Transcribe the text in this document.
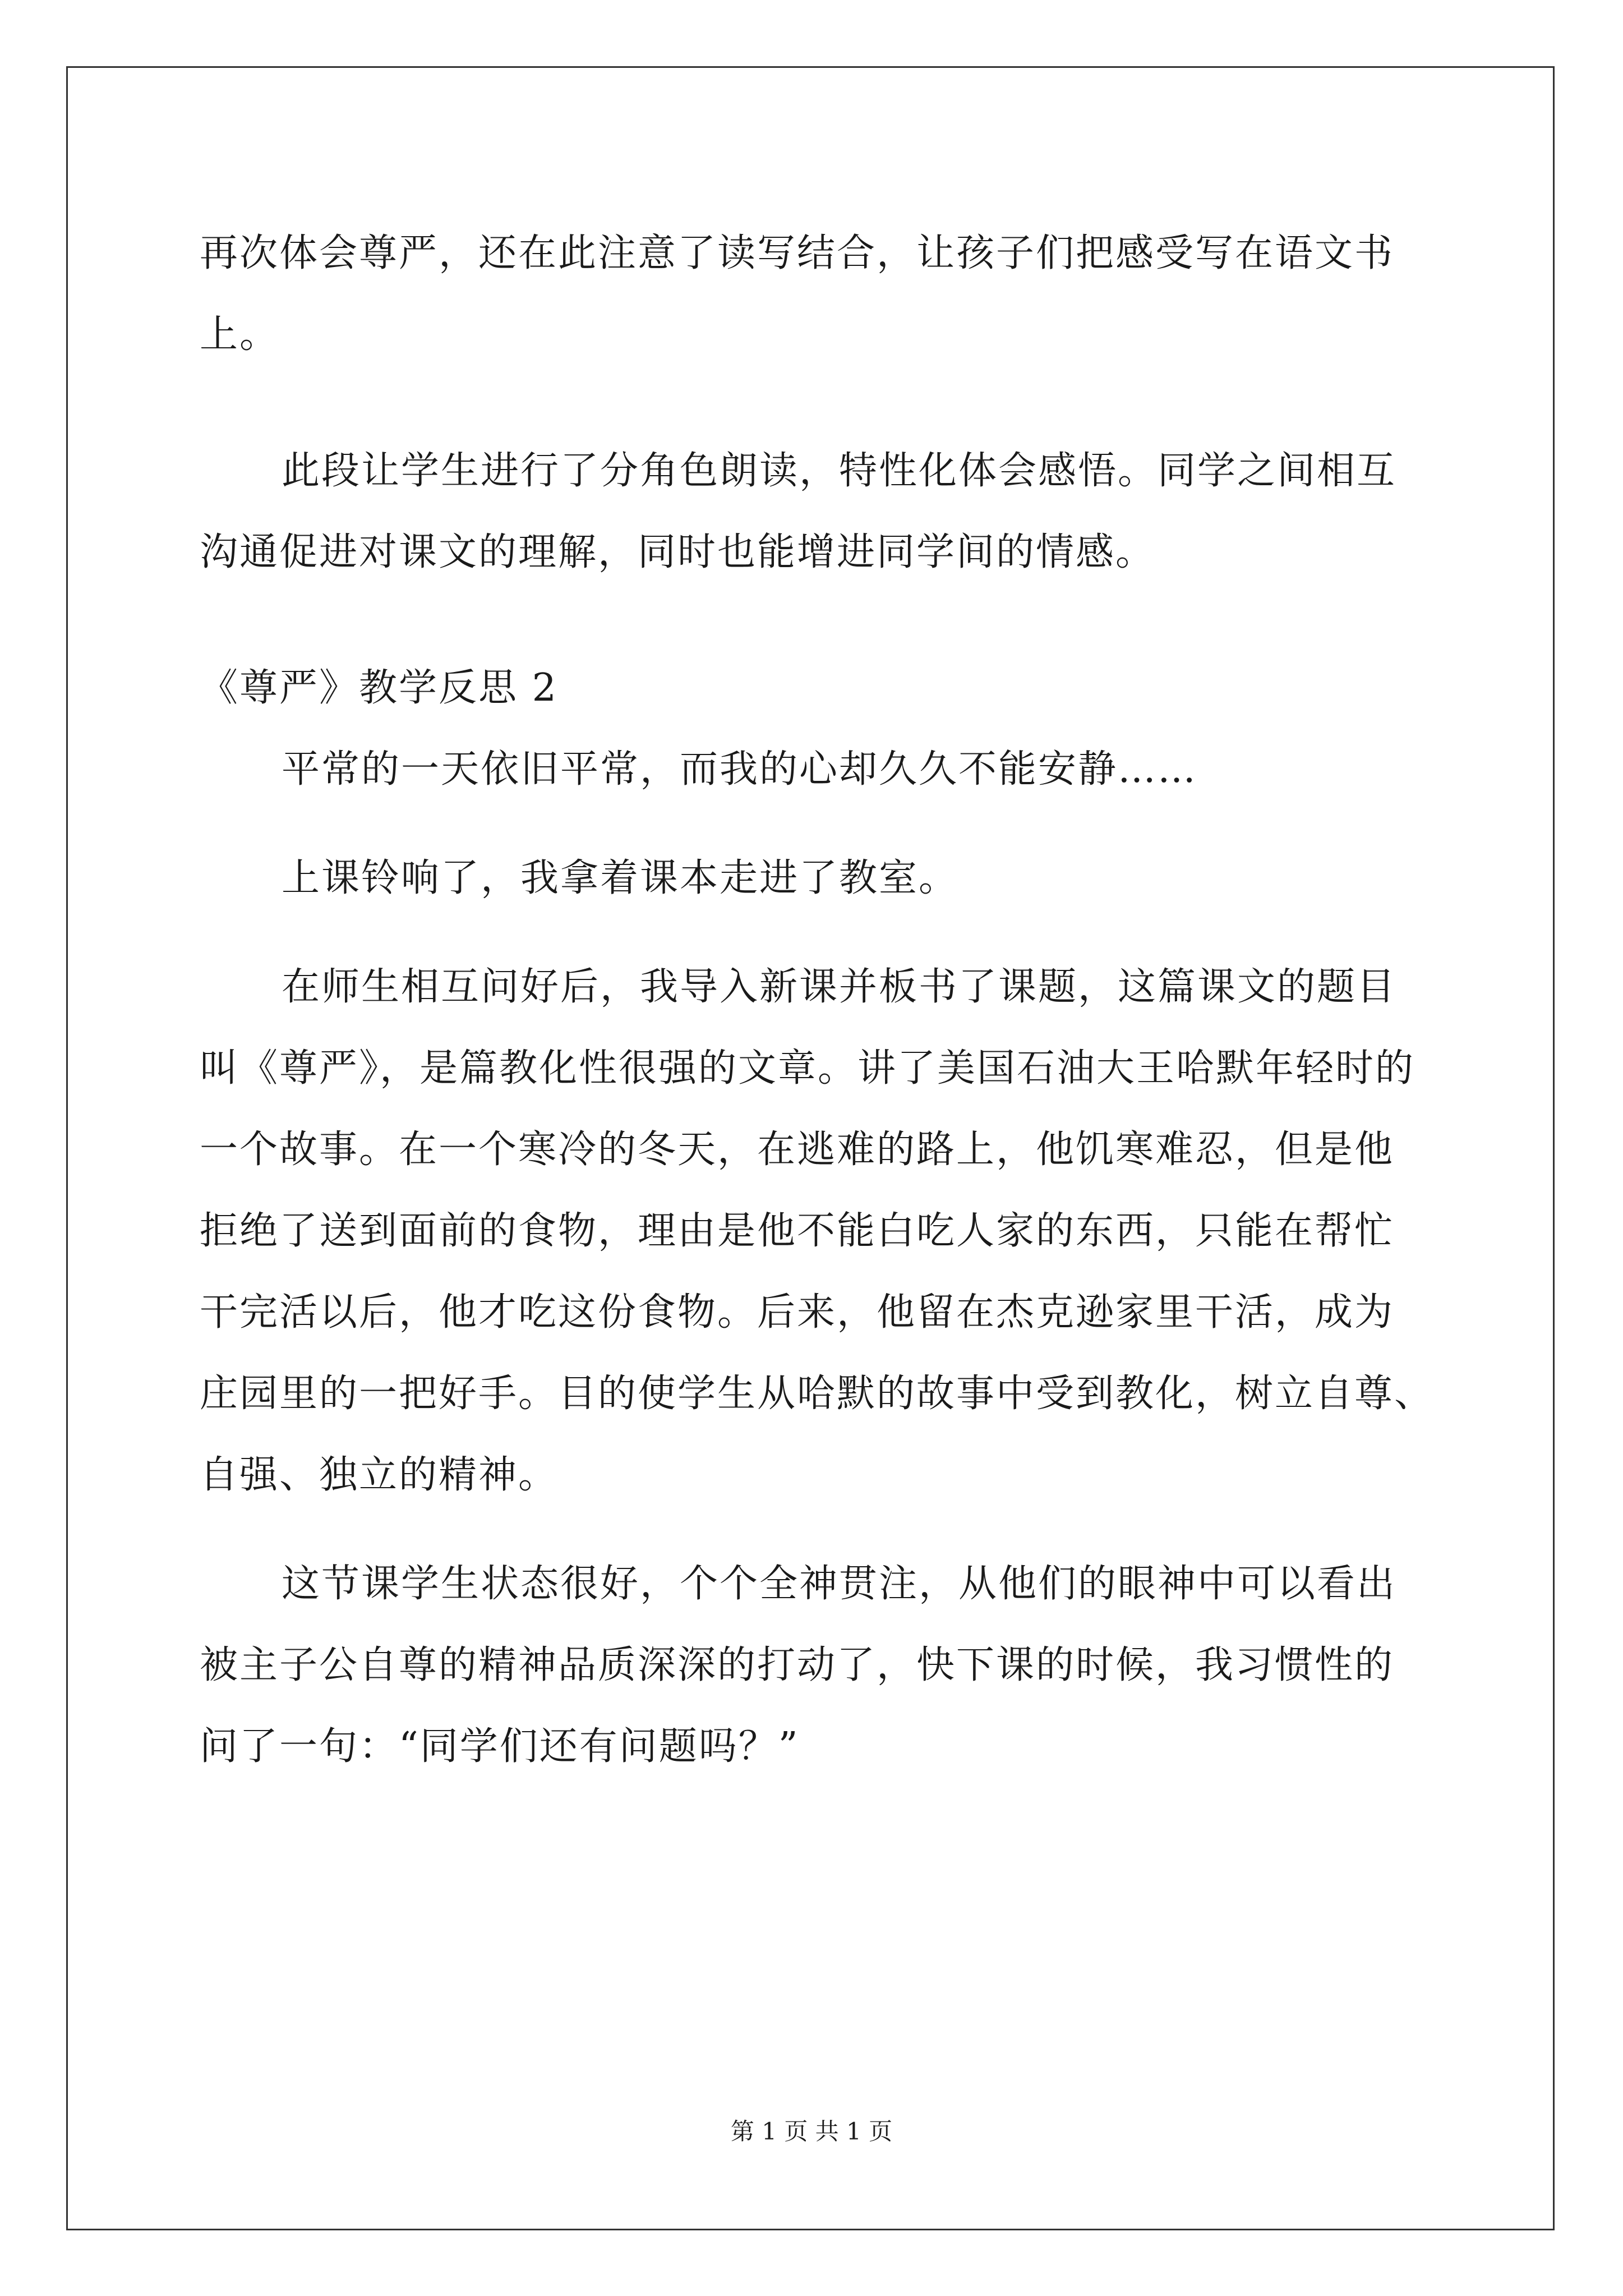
再次体会尊严，还在此注意了读写结合，让孩子们把感受写在语文书
上。
此段让学生进行了分角色朗读，特性化体会感悟。同学之间相互
沟通促进对课文的理解，同时也能增进同学间的情感。
《尊严》教学反思 2
平常的一天依旧平常，而我的心却久久不能安静……
上课铃响了，我拿着课本走进了教室。
在师生相互问好后，我导入新课并板书了课题，这篇课文的题目
叫《尊严》，是篇教化性很强的文章。讲了美国石油大王哈默年轻时的
一个故事。在一个寒冷的冬天，在逃难的路上，他饥寒难忍，但是他
拒绝了送到面前的食物，理由是他不能白吃人家的东西，只能在帮忙
干完活以后，他才吃这份食物。后来，他留在杰克逊家里干活，成为
庄园里的一把好手。目的使学生从哈默的故事中受到教化，树立自尊、
自强、独立的精神。
这节课学生状态很好，个个全神贯注，从他们的眼神中可以看出
被主子公自尊的精神品质深深的打动了，快下课的时候，我习惯性的
问了一句：“同学们还有问题吗？”
第 1 页 共 1 页
